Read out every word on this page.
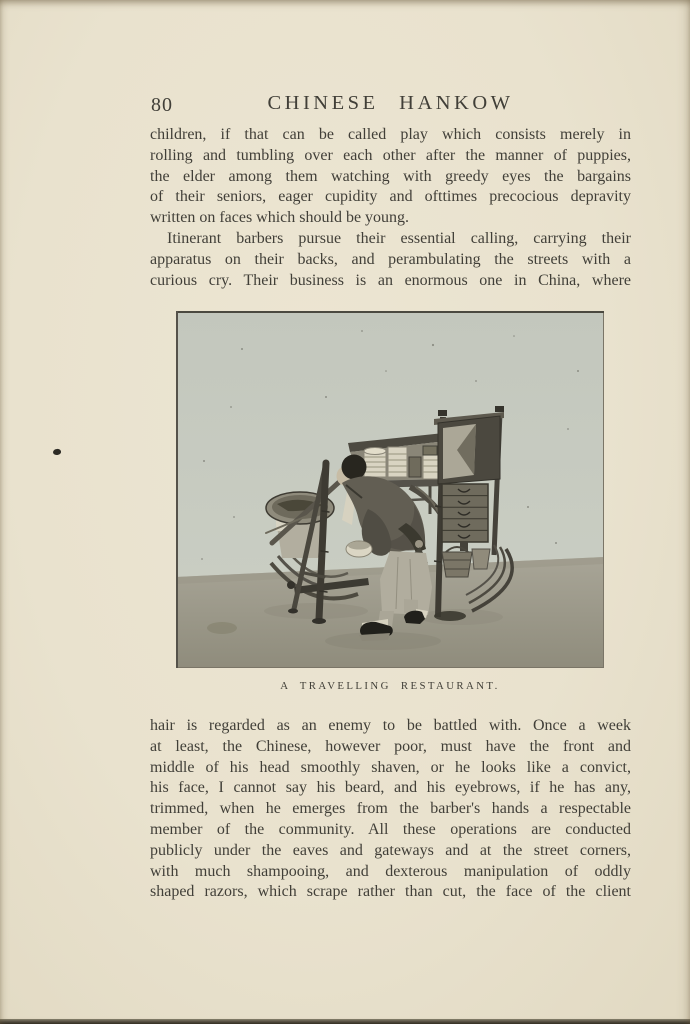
80	CHINESE HANKOW
children, if that can be called play which consists merely in
rolling and tumbling over each other after the manner of puppies,
the elder among them watching with greedy eyes the bargains
of their seniors, eager cupidity and ofttimes precocious depravity
written on faces which should be young.
Itinerant barbers pursue their essential calling, carrying their
apparatus on their backs, and perambulating the streets with a
curious cry. Their business is an enormous one in China, where
A TRAVELLING RESTAURANT.
hair is regarded as an enemy to be battled with. Once a week
at least, the Chinese, however poor, must have the front and
middle of his head smoothly shaven, or he looks like a convict,
his face, I cannot say his beard, and his eyebrows, if he has any,
trimmed, when he emerges from the barber's hands a respectable
member of the community. All these operations are conducted
publicly under the eaves and gateways and at the street corners,
with much shampooing, and dexterous manipulation of oddly
shaped razors, which scrape rather than cut, the face of the client
